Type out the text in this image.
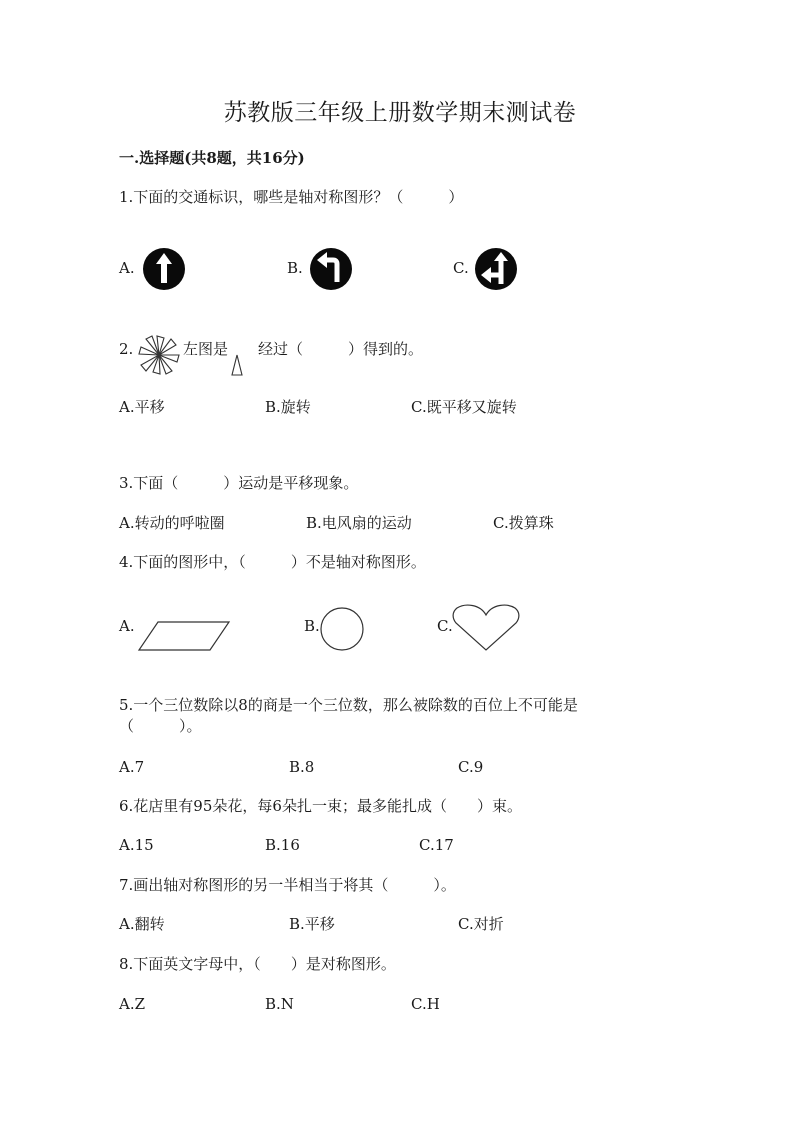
苏教版三年级上册数学期末测试卷
一.选择题(共8题，共16分)
1.下面的交通标识，哪些是轴对称图形？（　　　）
A.	B.	C.
2.	左图是 经过（　　　）得到的。
A.平移	B.旋转	C.既平移又旋转
3.下面（　　　）运动是平移现象。
A.转动的呼啦圈	B.电风扇的运动	C.拨算珠
4.下面的图形中，（　　　）不是轴对称图形。
A.	B.	C.
5.一个三位数除以8的商是一个三位数，那么被除数的百位上不可能是
（　　　）。
A.7	B.8	C.9
6.花店里有95朵花，每6朵扎一束；最多能扎成（　　）束。
A.15	B.16	C.17
7.画出轴对称图形的另一半相当于将其（　　　）。
A.翻转	B.平移	C.对折
8.下面英文字母中，（　　）是对称图形。
A.Z	B.N	C.H
